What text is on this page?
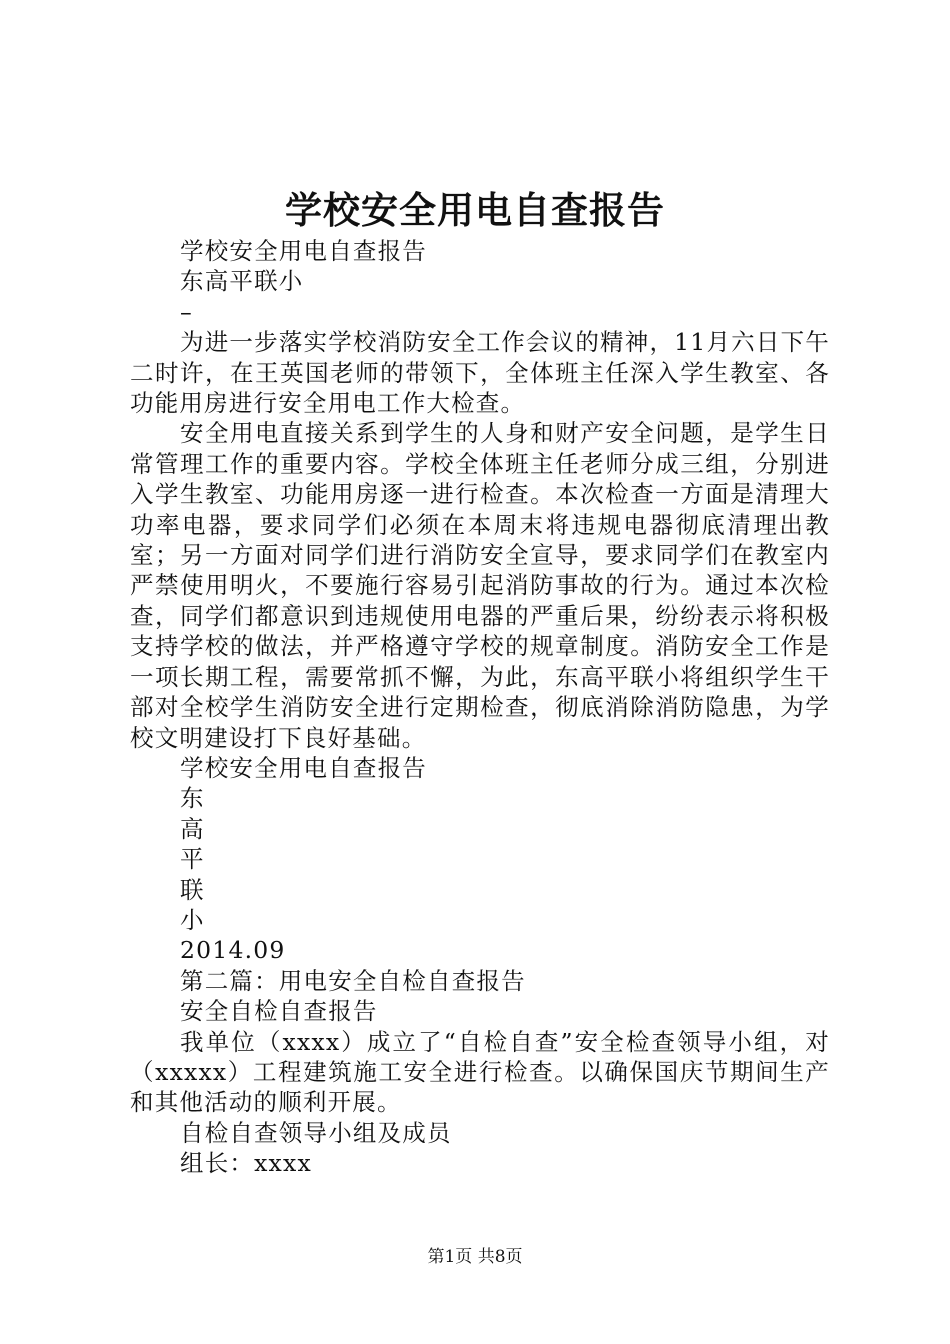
学校安全用电自查报告
学校安全用电自查报告
东高平联小
–
为进一步落实学校消防安全工作会议的精神，11月六日下午二时许，在王英国老师的带领下，全体班主任深入学生教室、各功能用房进行安全用电工作大检查。
安全用电直接关系到学生的人身和财产安全问题，是学生日常管理工作的重要内容。学校全体班主任老师分成三组，分别进入学生教室、功能用房逐一进行检查。本次检查一方面是清理大功率电器，要求同学们必须在本周末将违规电器彻底清理出教室；另一方面对同学们进行消防安全宣导，要求同学们在教室内严禁使用明火，不要施行容易引起消防事故的行为。通过本次检查，同学们都意识到违规使用电器的严重后果，纷纷表示将积极支持学校的做法，并严格遵守学校的规章制度。消防安全工作是一项长期工程，需要常抓不懈，为此，东高平联小将组织学生干部对全校学生消防安全进行定期检查，彻底消除消防隐患，为学校文明建设打下良好基础。
学校安全用电自查报告
东
高
平
联
小
2014.09
第二篇：用电安全自检自查报告
安全自检自查报告
我单位（xxxx）成立了“自检自查”安全检查领导小组，对（xxxxx）工程建筑施工安全进行检查。以确保国庆节期间生产和其他活动的顺利开展。
自检自查领导小组及成员
组长：xxxx
第1页 共8页
